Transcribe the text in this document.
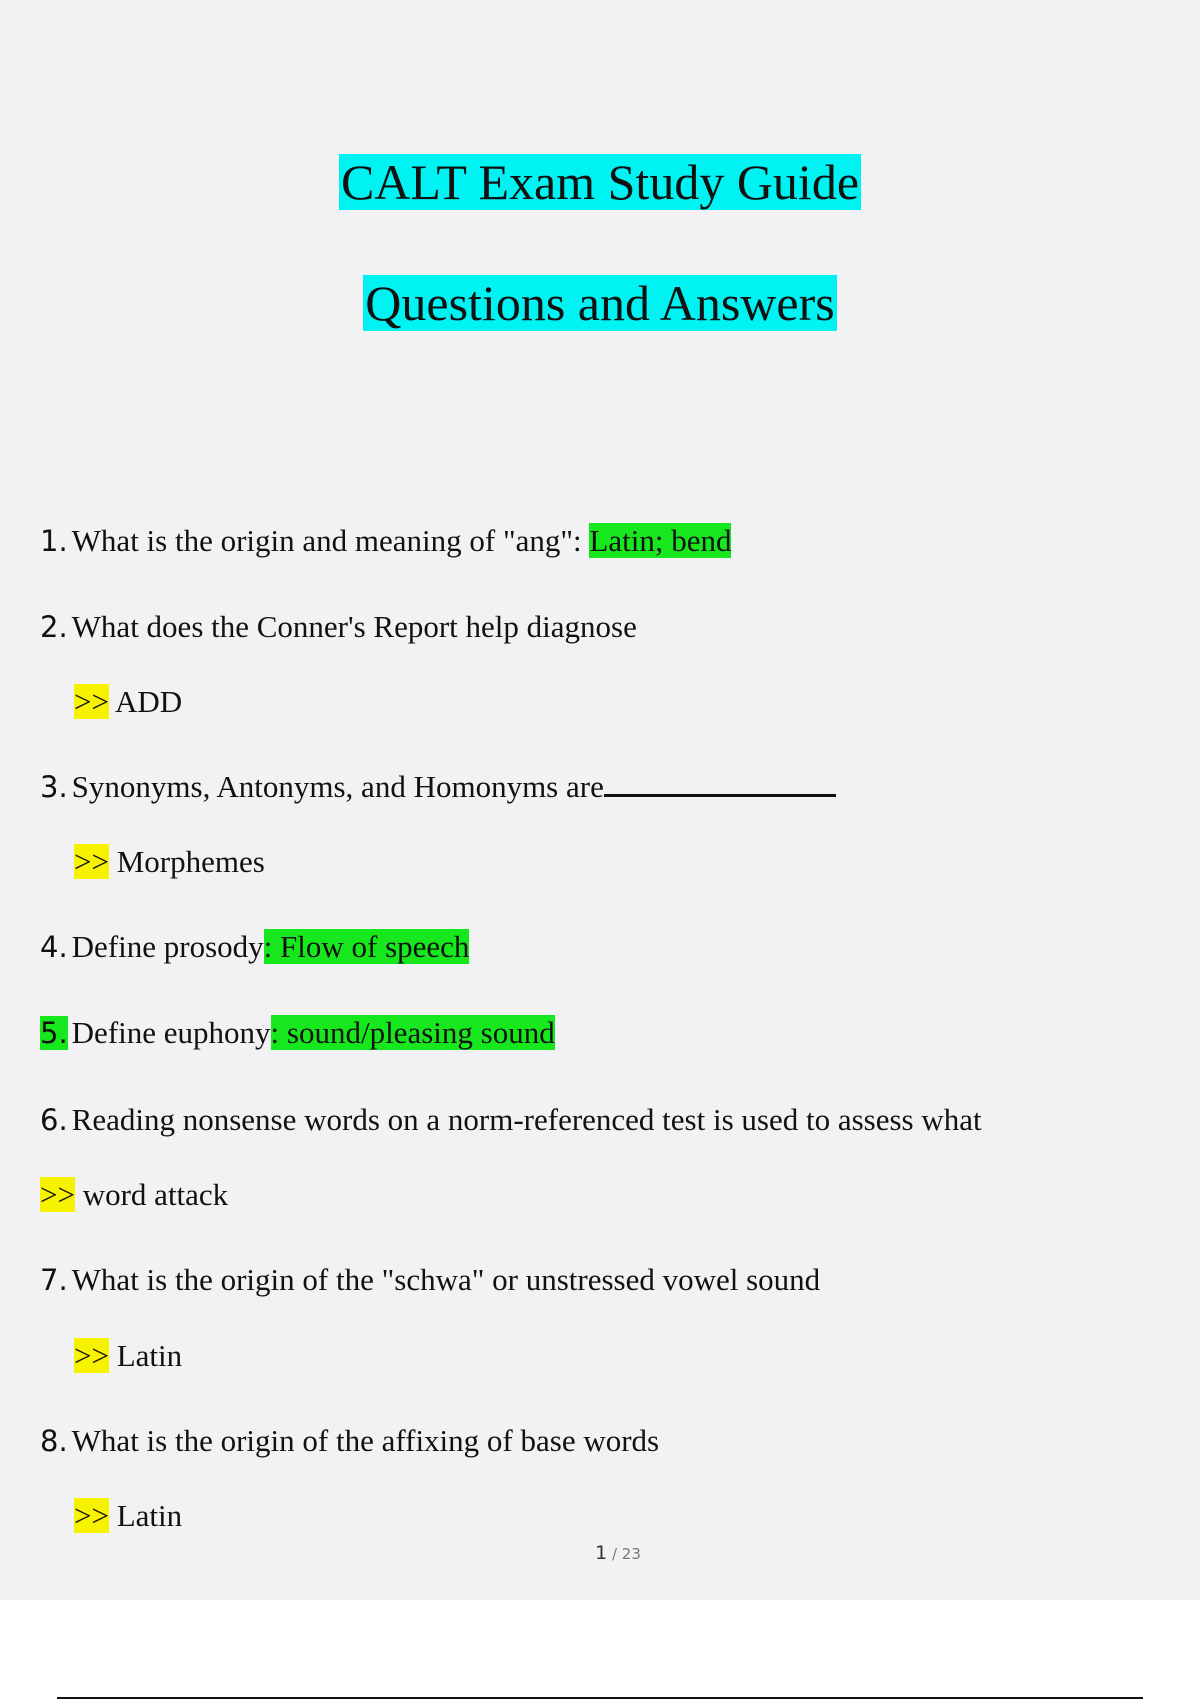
CALT Exam Study Guide
Questions and Answers
1. What is the origin and meaning of "ang": Latin; bend
2. What does the Conner's Report help diagnose
>> ADD
3. Synonyms, Antonyms, and Homonyms are
>> Morphemes
4. Define prosody: Flow of speech
5. Define euphony: sound/pleasing sound
6. Reading nonsense words on a norm-referenced test is used to assess what
>> word attack
7. What is the origin of the "schwa" or unstressed vowel sound
>> Latin
8. What is the origin of the affixing of base words
>> Latin
1 / 23
